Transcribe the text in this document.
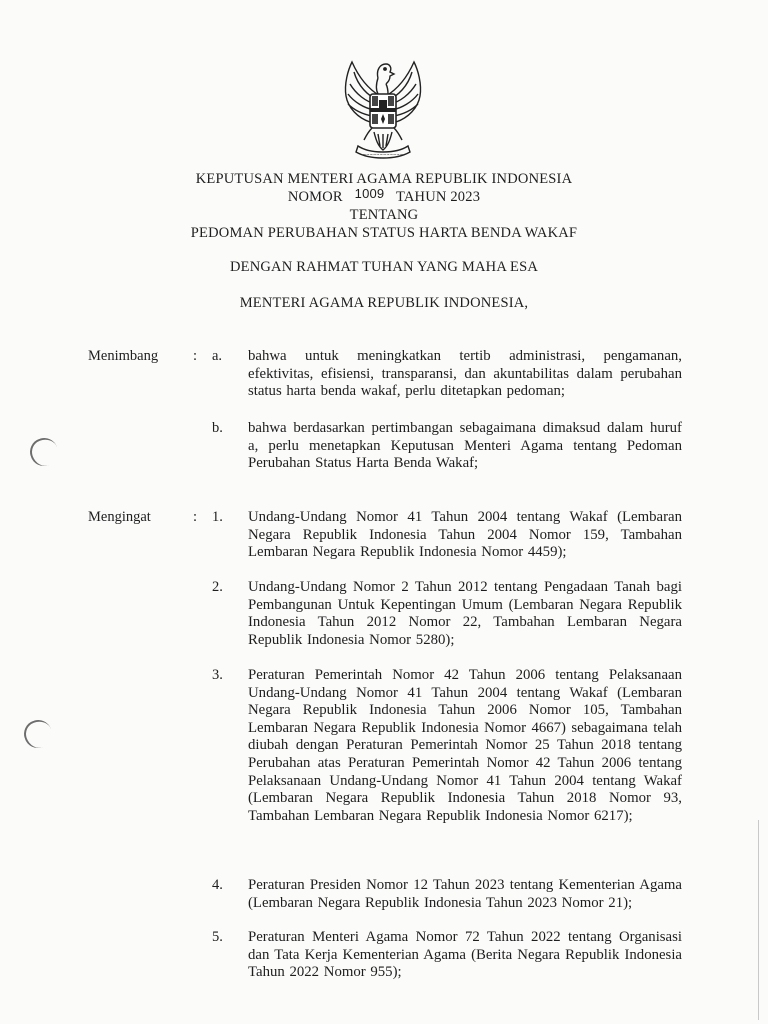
~~~~~~~~~~~~
KEPUTUSAN MENTERI AGAMA REPUBLIK INDONESIA
NOMOR 1009 TAHUN 2023
TENTANG
PEDOMAN PERUBAHAN STATUS HARTA BENDA WAKAF
DENGAN RAHMAT TUHAN YANG MAHA ESA
MENTERI AGAMA REPUBLIK INDONESIA,
Menimbang : a. bahwa untuk meningkatkan tertib administrasi, pengamanan, efektivitas, efisiensi, transparansi, dan akuntabilitas dalam perubahan status harta benda wakaf, perlu ditetapkan pedoman;
b. bahwa berdasarkan pertimbangan sebagaimana dimaksud dalam huruf a, perlu menetapkan Keputusan Menteri Agama tentang Pedoman Perubahan Status Harta Benda Wakaf;
Mengingat	: 1. Undang-Undang Nomor 41 Tahun 2004 tentang Wakaf (Lembaran Negara Republik Indonesia Tahun 2004 Nomor 159, Tambahan Lembaran Negara Republik Indonesia Nomor 4459);
2. Undang-Undang Nomor 2 Tahun 2012 tentang Pengadaan Tanah bagi Pembangunan Untuk Kepentingan Umum (Lembaran Negara Republik Indonesia Tahun 2012 Nomor 22, Tambahan Lembaran Negara Republik Indonesia Nomor 5280);
3. Peraturan Pemerintah Nomor 42 Tahun 2006 tentang Pelaksanaan Undang-Undang Nomor 41 Tahun 2004 tentang Wakaf (Lembaran Negara Republik Indonesia Tahun 2006 Nomor 105, Tambahan Lembaran Negara Republik Indonesia Nomor 4667) sebagaimana telah diubah dengan Peraturan Pemerintah Nomor 25 Tahun 2018 tentang Perubahan atas Peraturan Pemerintah Nomor 42 Tahun 2006 tentang Pelaksanaan Undang-Undang Nomor 41 Tahun 2004 tentang Wakaf (Lembaran Negara Republik Indonesia Tahun 2018 Nomor 93, Tambahan Lembaran Negara Republik Indonesia Nomor 6217);
4. Peraturan Presiden Nomor 12 Tahun 2023 tentang Kementerian Agama (Lembaran Negara Republik Indonesia Tahun 2023 Nomor 21);
5. Peraturan Menteri Agama Nomor 72 Tahun 2022 tentang Organisasi dan Tata Kerja Kementerian Agama (Berita Negara Republik Indonesia Tahun 2022 Nomor 955);
